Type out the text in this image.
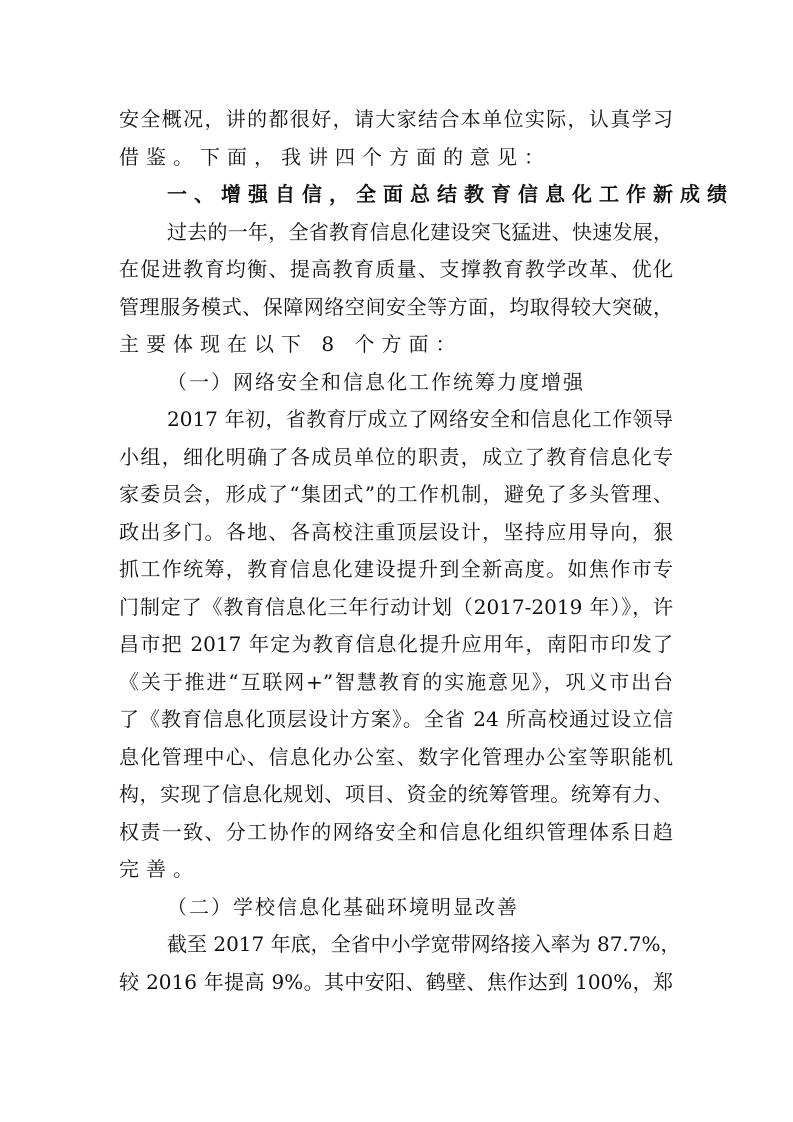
安全概况，讲的都很好，请大家结合本单位实际，认真学习
借鉴。下面，我讲四个方面的意见：
一、增强自信，全面总结教育信息化工作新成绩
过去的一年，全省教育信息化建设突飞猛进、快速发展，
在促进教育均衡、提高教育质量、支撑教育教学改革、优化
管理服务模式、保障网络空间安全等方面，均取得较大突破，
主要体现在以下 8 个方面：
（一）网络安全和信息化工作统筹力度增强
2017 年初，省教育厅成立了网络安全和信息化工作领导
小组，细化明确了各成员单位的职责，成立了教育信息化专
家委员会，形成了“集团式”的工作机制，避免了多头管理、
政出多门。各地、各高校注重顶层设计，坚持应用导向，狠
抓工作统筹，教育信息化建设提升到全新高度。如焦作市专
门制定了《教育信息化三年行动计划（2017-2019 年）》，许
昌市把 2017 年定为教育信息化提升应用年，南阳市印发了
《关于推进“互联网+”智慧教育的实施意见》，巩义市出台
了《教育信息化顶层设计方案》。全省 24 所高校通过设立信
息化管理中心、信息化办公室、数字化管理办公室等职能机
构，实现了信息化规划、项目、资金的统筹管理。统筹有力、
权责一致、分工协作的网络安全和信息化组织管理体系日趋
完善。
（二）学校信息化基础环境明显改善
截至 2017 年底，全省中小学宽带网络接入率为 87.7%，
较 2016 年提高 9%。其中安阳、鹤壁、焦作达到 100%，郑
